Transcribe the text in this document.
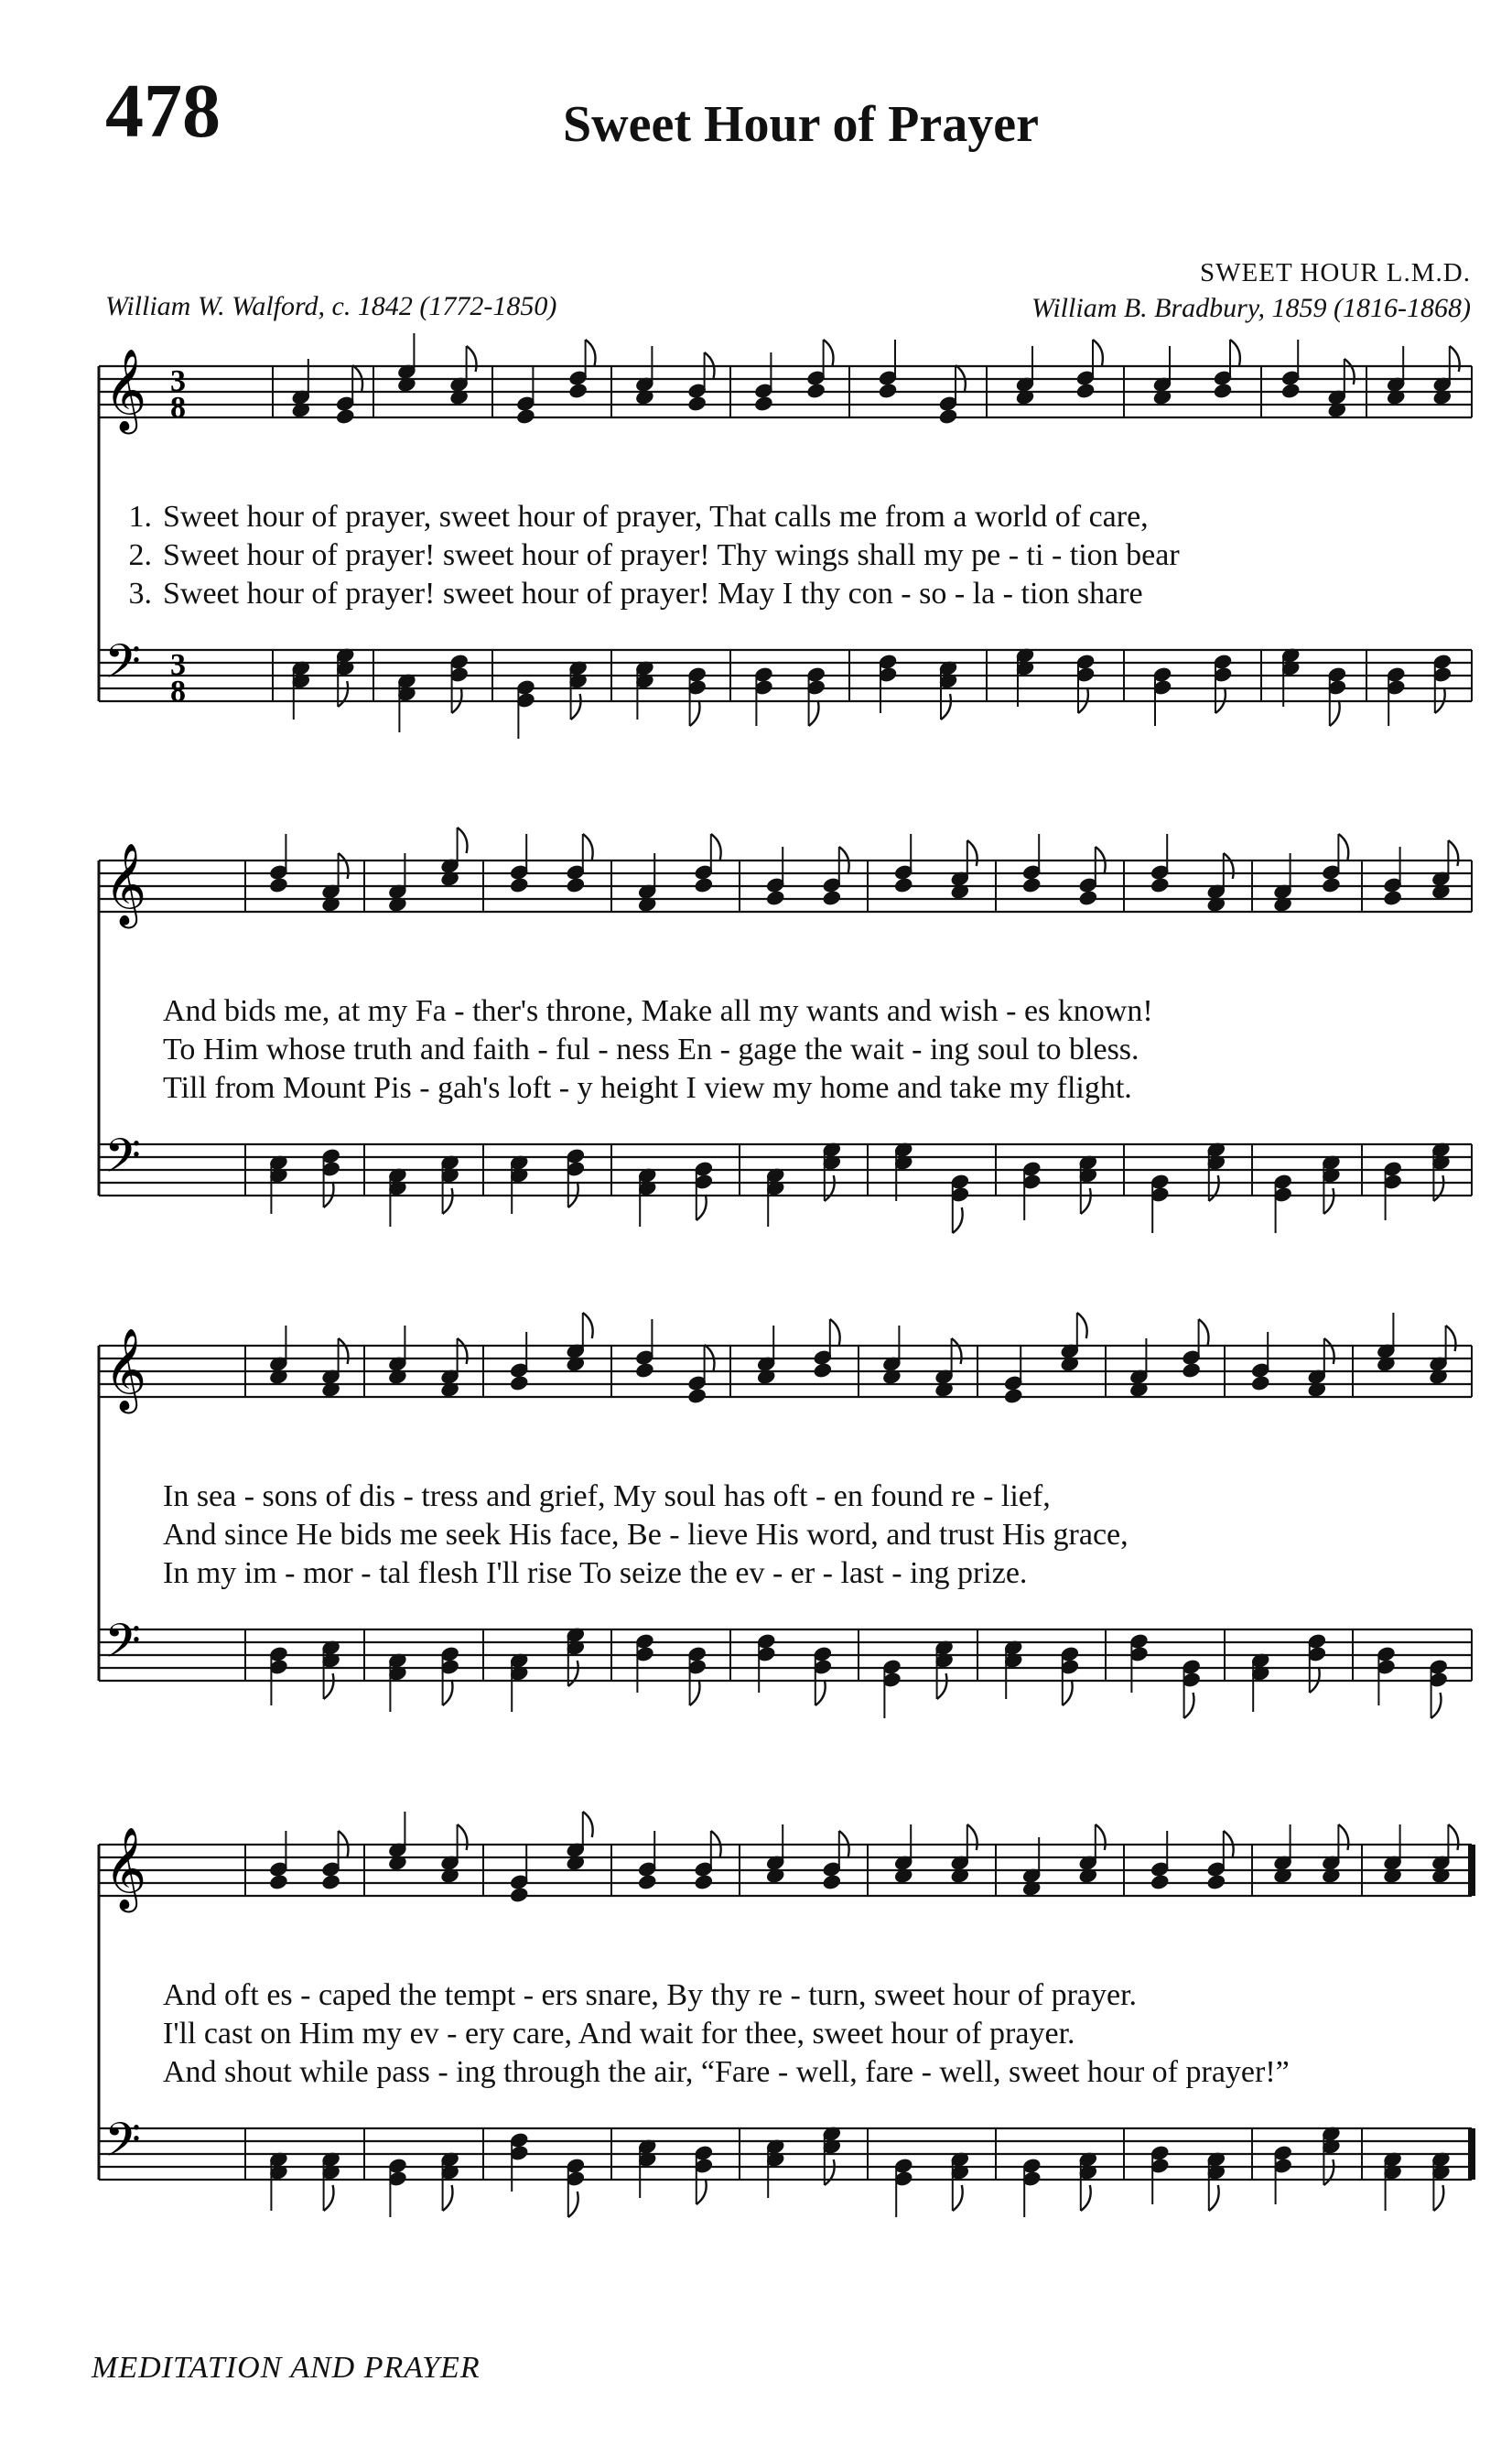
478	Sweet Hour of Prayer
SWEET HOUR L.M.D.
William W. Walford, c. 1842 (1772-1850)	William B. Bradbury, 1859 (1816-1868)
𝄞
𝄢
3
8
3
8
1. Sweet hour of prayer, sweet hour of prayer, That calls me from a world of care,
2. Sweet hour of prayer! sweet hour of prayer! Thy wings shall my pe - ti - tion bear
3. Sweet hour of prayer! sweet hour of prayer! May I thy con - so - la - tion share
𝄞
𝄢
And bids me, at my Fa - ther's throne, Make all my wants and wish - es known!
To Him whose truth and faith - ful - ness En - gage the wait - ing soul to bless.
Till from Mount Pis - gah's loft - y height I view my home and take my flight.
𝄞
𝄢
In sea - sons of dis - tress and grief, My soul has oft - en found re - lief,
And since He bids me seek His face, Be - lieve His word, and trust His grace,
In my im - mor - tal flesh I'll rise To seize the ev - er - last - ing prize.
𝄞
𝄢
And oft es - caped the tempt - ers snare, By thy re - turn, sweet hour of prayer.
I'll cast on Him my ev - ery care, And wait for thee, sweet hour of prayer.
And shout while pass - ing through the air, “Fare - well, fare - well, sweet hour of prayer!”
MEDITATION AND PRAYER
